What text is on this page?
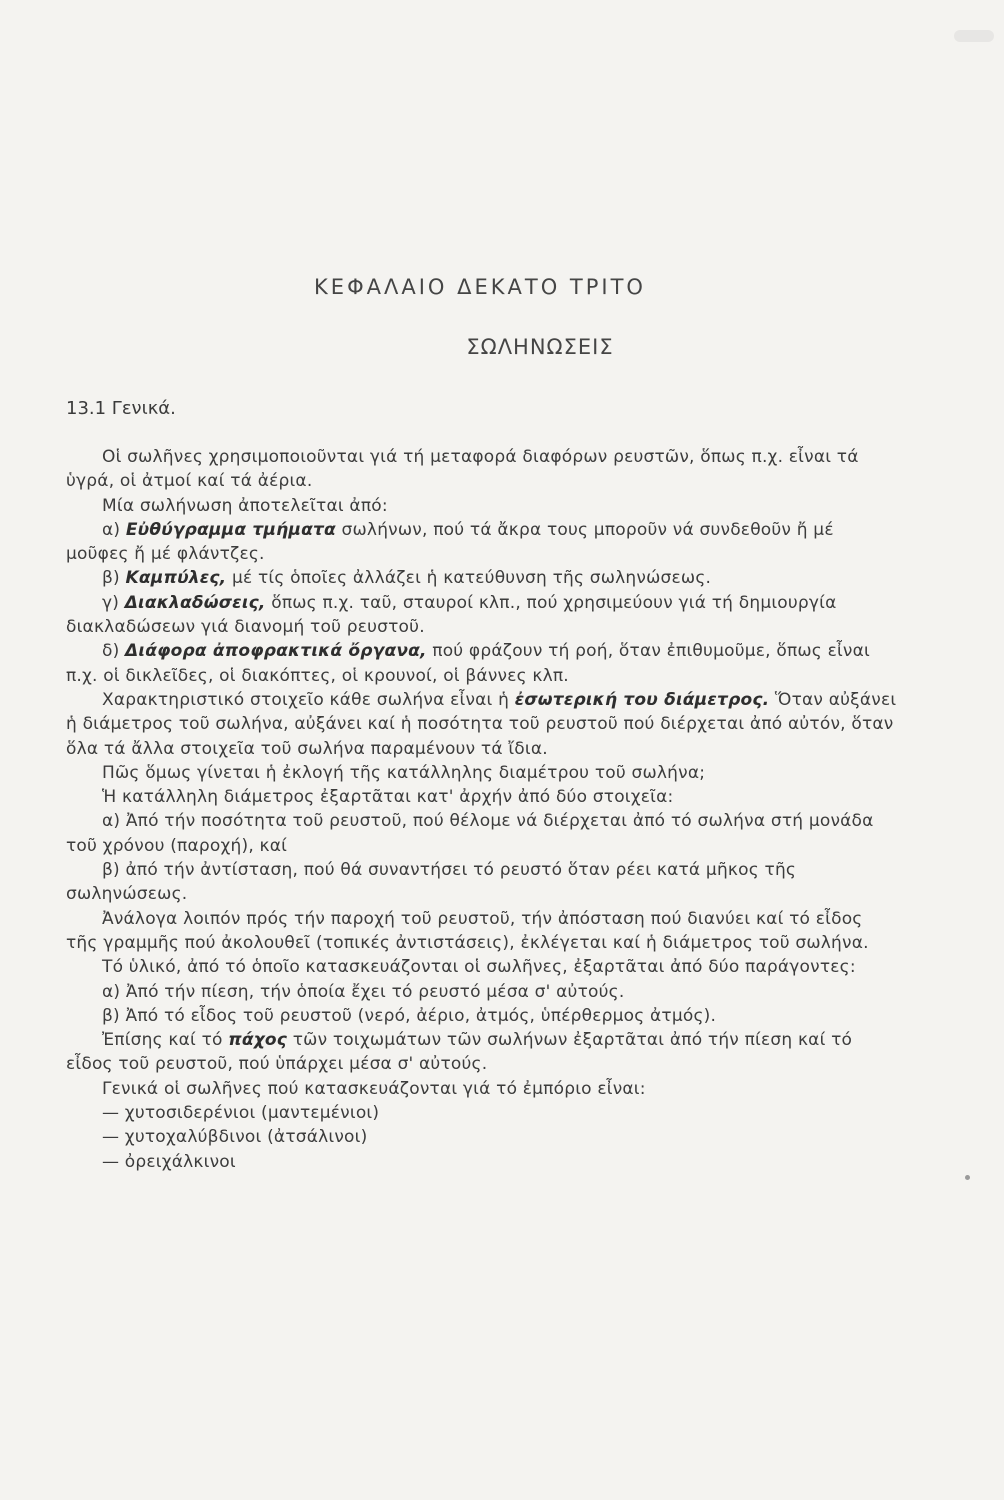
ΚΕΦΑΛΑΙΟ ΔΕΚΑΤΟ ΤΡΙΤΟ
ΣΩΛΗΝΩΣΕΙΣ
13.1 Γενικά.

Οἱ σωλῆνες χρησιμοποιοῦνται γιά τή μεταφορά διαφόρων ρευστῶν, ὅπως π.χ. εἶναι τά ὑγρά, οἱ ἀτμοί καί τά ἀέρια.

Μία σωλήνωση ἀποτελεῖται ἀπό:

α) Εὐθύγραμμα τμήματα σωλήνων, πού τά ἄκρα τους μποροῦν νά συνδεθοῦν ἤ μέ μοῦφες ἤ μέ φλάντζες.

β) Καμπύλες, μέ τίς ὁποῖες ἀλλάζει ἡ κατεύθυνση τῆς σωληνώσεως.

γ) Διακλαδώσεις, ὅπως π.χ. ταῦ, σταυροί κλπ., πού χρησιμεύουν γιά τή δημιουργία διακλαδώσεων γιά διανομή τοῦ ρευστοῦ.

δ) Διάφορα ἀποφρακτικά ὄργανα, πού φράζουν τή ροή, ὅταν ἐπιθυμοῦμε, ὅπως εἶναι π.χ. οἱ δικλεῖδες, οἱ διακόπτες, οἱ κρουνοί, οἱ βάννες κλπ.

Χαρακτηριστικό στοιχεῖο κάθε σωλήνα εἶναι ἡ ἐσωτερική του διάμετρος. Ὅταν αὐξάνει ἡ διάμετρος τοῦ σωλήνα, αὐξάνει καί ἡ ποσότητα τοῦ ρευστοῦ πού διέρχεται ἀπό αὐτόν, ὅταν ὅλα τά ἄλλα στοιχεῖα τοῦ σωλήνα παραμένουν τά ἴδια.

Πῶς ὅμως γίνεται ἡ ἐκλογή τῆς κατάλληλης διαμέτρου τοῦ σωλήνα;

Ἡ κατάλληλη διάμετρος ἐξαρτᾶται κατ' ἀρχήν ἀπό δύο στοιχεῖα:

α) Ἀπό τήν ποσότητα τοῦ ρευστοῦ, πού θέλομε νά διέρχεται ἀπό τό σωλήνα στή μονάδα τοῦ χρόνου (παροχή), καί

β) ἀπό τήν ἀντίσταση, πού θά συναντήσει τό ρευστό ὅταν ρέει κατά μῆκος τῆς σωληνώσεως.

Ἀνάλογα λοιπόν πρός τήν παροχή τοῦ ρευστοῦ, τήν ἀπόσταση πού διανύει καί τό εἶδος τῆς γραμμῆς πού ἀκολουθεῖ (τοπικές ἀντιστάσεις), ἐκλέγεται καί ἡ διάμετρος τοῦ σωλήνα.

Τό ὑλικό, ἀπό τό ὁποῖο κατασκευάζονται οἱ σωλῆνες, ἐξαρτᾶται ἀπό δύο παράγοντες:

α) Ἀπό τήν πίεση, τήν ὁποία ἔχει τό ρευστό μέσα σ' αὐτούς.

β) Ἀπό τό εἶδος τοῦ ρευστοῦ (νερό, ἀέριο, ἀτμός, ὑπέρθερμος ἀτμός).

Ἐπίσης καί τό πάχος τῶν τοιχωμάτων τῶν σωλήνων ἐξαρτᾶται ἀπό τήν πίεση καί τό εἶδος τοῦ ρευστοῦ, πού ὑπάρχει μέσα σ' αὐτούς.

Γενικά οἱ σωλῆνες πού κατασκευάζονται γιά τό ἐμπόριο εἶναι:

— χυτοσιδερένιοι (μαντεμένιοι)

— χυτοχαλύβδινοι (ἀτσάλινοι)

— ὀρειχάλκινοι
